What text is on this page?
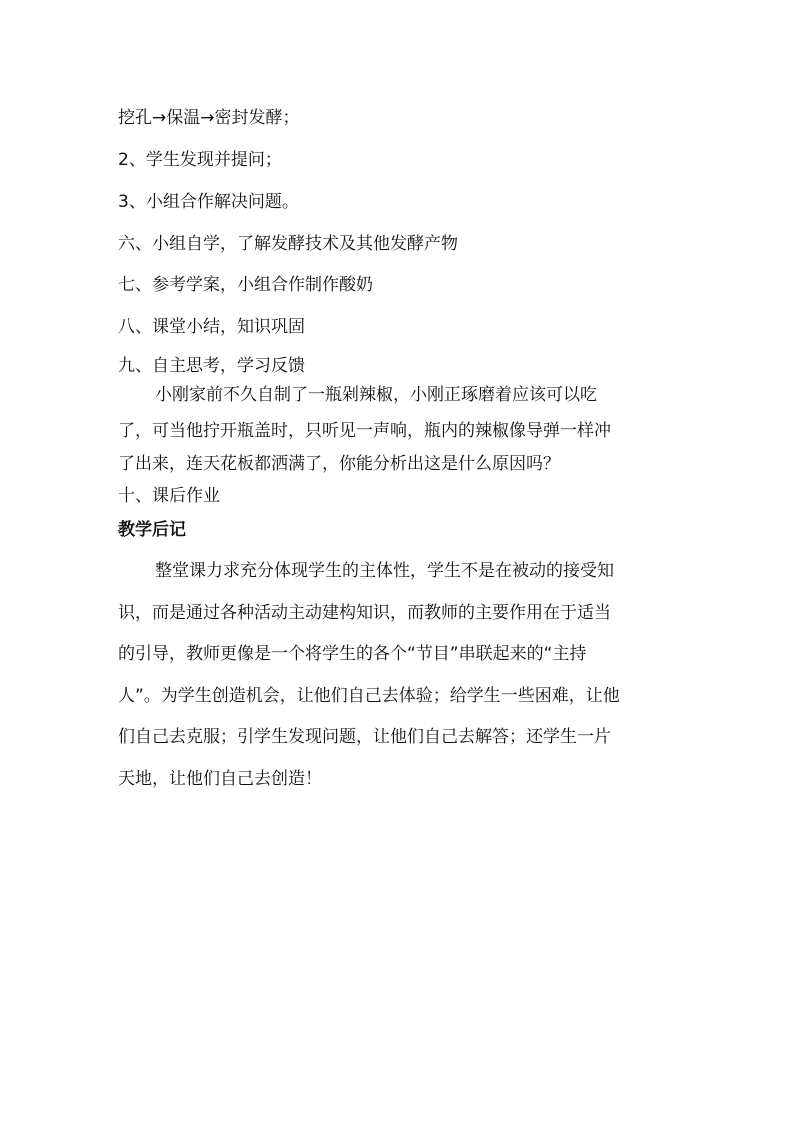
挖孔→保温→密封发酵；
2、学生发现并提问；
3、小组合作解决问题。
六、小组自学，了解发酵技术及其他发酵产物
七、参考学案，小组合作制作酸奶
八、课堂小结，知识巩固
九、自主思考，学习反馈
小刚家前不久自制了一瓶剁辣椒，小刚正琢磨着应该可以吃
了，可当他拧开瓶盖时，只听见一声响，瓶内的辣椒像导弹一样冲
了出来，连天花板都洒满了，你能分析出这是什么原因吗？
十、课后作业
教学后记
整堂课力求充分体现学生的主体性，学生不是在被动的接受知
识，而是通过各种活动主动建构知识，而教师的主要作用在于适当
的引导，教师更像是一个将学生的各个“节目”串联起来的“主持
人”。为学生创造机会，让他们自己去体验；给学生一些困难，让他
们自己去克服；引学生发现问题，让他们自己去解答；还学生一片
天地，让他们自己去创造！
